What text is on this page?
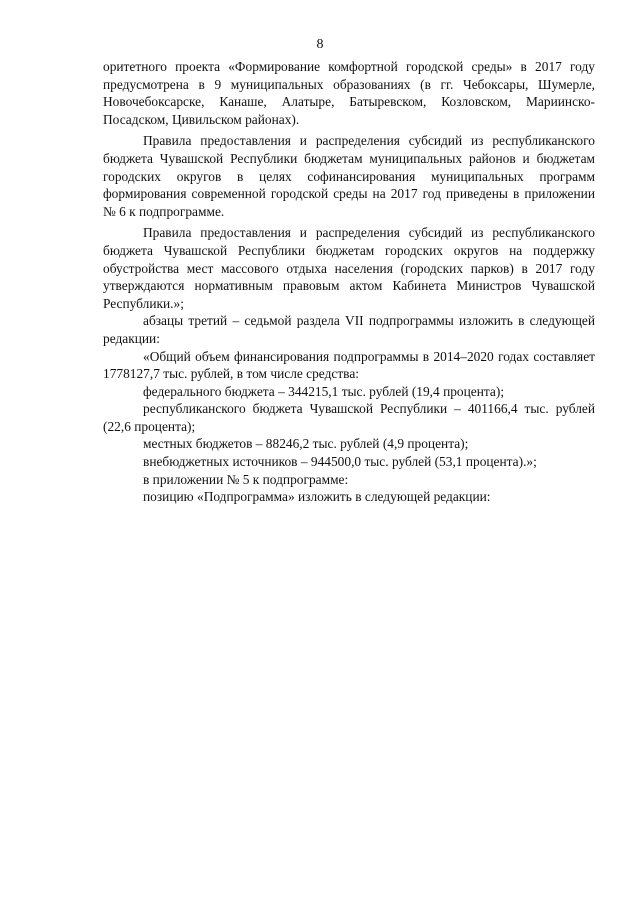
8

оритетного проекта «Формирование комфортной городской среды» в 2017 году предусмотрена в 9 муниципальных образованиях (в гг. Чебоксары, Шумерле, Новочебоксарске, Канаше, Алатыре, Батыревском, Козловском, Мариинско-Посадском, Цивильском районах).

Правила предоставления и распределения субсидий из республиканского бюджета Чувашской Республики бюджетам муниципальных районов и бюджетам городских округов в целях софинансирования муниципальных программ формирования современной городской среды на 2017 год приведены в приложении № 6 к подпрограмме.

Правила предоставления и распределения субсидий из республиканского бюджета Чувашской Республики бюджетам городских округов на поддержку обустройства мест массового отдыха населения (городских парков) в 2017 году утверждаются нормативным правовым актом Кабинета Министров Чувашской Республики.»;

абзацы третий – седьмой раздела VII подпрограммы изложить в следующей редакции:

«Общий объем финансирования подпрограммы в 2014–2020 годах составляет 1778127,7 тыс. рублей, в том числе средства:

федерального бюджета – 344215,1 тыс. рублей (19,4 процента);

республиканского бюджета Чувашской Республики – 401166,4 тыс. рублей (22,6 процента);

местных бюджетов – 88246,2 тыс. рублей (4,9 процента);

внебюджетных источников – 944500,0 тыс. рублей (53,1 процента).»;

в приложении № 5 к подпрограмме:

позицию «Подпрограмма» изложить в следующей редакции:
